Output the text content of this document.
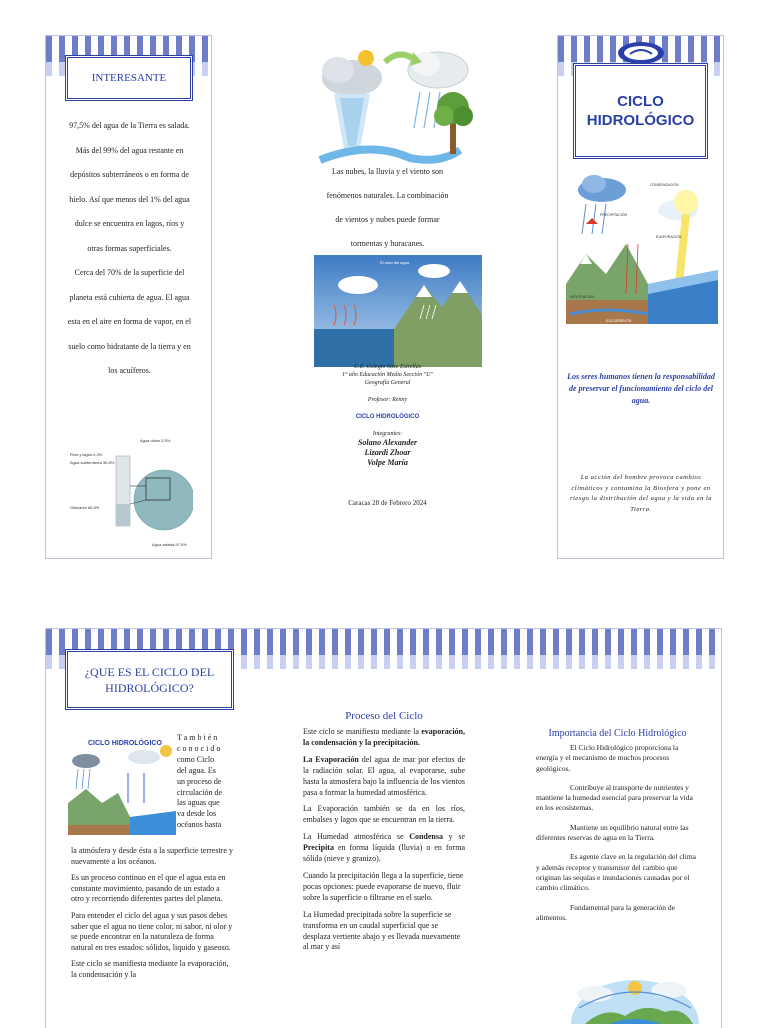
INTERESANTE
97,5% del agua de la Tierra es salada.
Más del 99% del agua restante en
depósitos subterráneos o en forma de
hielo. Así que menos del 1% del agua
dulce se encuentra en lagos, ríos y
otras formas superficiales.
Cerca del 70% de la superficie del
planeta está cubierta de agua. El agua
esta en el aire en forma de vapor, en el
suelo como hidratante de la tierra y en
los acuíferos.
Agua dulce 2,5%
Ríos y lagos 0,3%
Agua subterránea 30,8%
Glaciares 68,9%
Agua salada 97,5%
Las nubes, la lluvia y el viento son
fenómenos naturales. La combinación
de vientos y nubes puede formar
tormentas y huracanes.
El ciclo del agua
U.E. Colegio Siete Estrellas
1° año Educación Media Sección "U"
Geografía General
Profesor: Renny
CICLO HIDROLÓGICO
Integrantes:
Solano Alexander
Lizardi Zhoar
Volpe María
Caracas 28 de Febrero 2024
CICLO
HIDROLÓGICO
CONDENSACIÓN
PRECIPITACIÓN
EVAPORACIÓN
INFILTRACIÓN
ESCORRENTÍA
Los seres humanos tienen la responsabilidad de preservar el funcionamiento del ciclo del agua.
La acción del hombre provoca cambios climáticos y contamina la Biosfera y pone en riesgo la distribución del agua y la vida en la Tierra.
¿QUE ES EL CICLO DEL HIDROLÓGICO?
CICLO HIDROLÓGICO
T a m b i é n
c o n o c i d o
como Ciclo
del agua. Es
un proceso de
circulación de
las aguas que
va desde los
océanos hasta

la atmósfera y desde ésta a la superficie terrestre y nuevamente a los océanos.

Es un proceso continuo en el que el agua esta en constante movimiento, pasando de un estado a otro y recorriendo diferentes partes del planeta.

Para entender el ciclo del agua y sus pasos debes saber que el agua no tiene color, ni sabor, ni olor y se puede encontrar en la naturaleza de forma natural en tres estados: sólidos, liquido y gaseoso.

Este ciclo se manifiesta mediante la evaporación, la condensación y la

Proceso del Ciclo

Este ciclo se manifiesta mediante la evaporación, la condensación y la precipitación.

La Evaporación del agua de mar por efectos de la radiación solar. El agua, al evaporarse, sube hasta la atmosfera bajo la influencia de los vientos pasa a formar la humedad atmosférica.

La Evaporación también se da en los ríos, embalses y lagos que se encuentran en la tierra.

La Humedad atmosférica se Condensa y se Precipita en forma líquida (lluvia) o en forma sólida (nieve y granizo).

Cuando la precipitación llega a la superficie, tiene pocas opciones: puede evaporarse de nuevo, fluir sobre la superficie o filtrarse en el suelo.

La Humedad precipitada sobre la superficie se transforma en un caudal superficial que se desplaza vertiente abajo y es llevada nuevamente al mar y así

Importancia del Ciclo Hidrológico

El Ciclo Hidrológico proporciona la energía y el mecanismo de muchos procesos geológicos.

Contribuye al transporte de nutrientes y mantiene la humedad esencial para preservar la vida en los ecosistemas.

Mantiene un equilibrio natural entre las diferentes reservas de agua en la Tierra.

Es agente clave en la regulación del clima y además receptor y transmisor del cambio que originan las sequías e inundaciones causadas por el cambio climático.

Fundamental para la generación de alimentos.
